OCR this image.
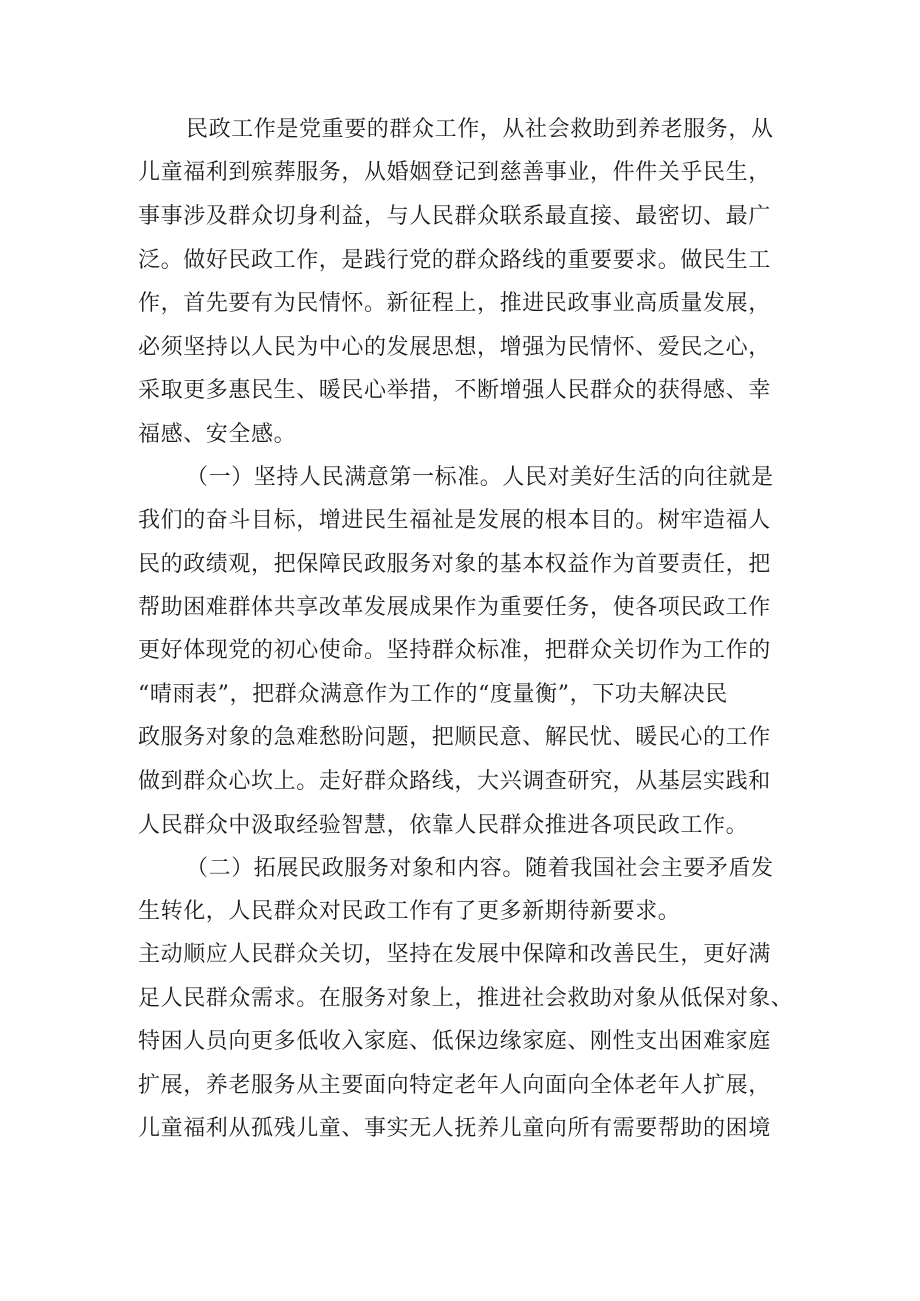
民政工作是党重要的群众工作，从社会救助到养老服务，从
儿童福利到殡葬服务，从婚姻登记到慈善事业，件件关乎民生，
事事涉及群众切身利益，与人民群众联系最直接、最密切、最广
泛。做好民政工作，是践行党的群众路线的重要要求。做民生工
作，首先要有为民情怀。新征程上，推进民政事业高质量发展，
必须坚持以人民为中心的发展思想，增强为民情怀、爱民之心，
采取更多惠民生、暖民心举措，不断增强人民群众的获得感、幸
福感、安全感。
（一）坚持人民满意第一标准。人民对美好生活的向往就是
我们的奋斗目标，增进民生福祉是发展的根本目的。树牢造福人
民的政绩观，把保障民政服务对象的基本权益作为首要责任，把
帮助困难群体共享改革发展成果作为重要任务，使各项民政工作
更好体现党的初心使命。坚持群众标准，把群众关切作为工作的
“晴雨表”，把群众满意作为工作的“度量衡”，下功夫解决民
政服务对象的急难愁盼问题，把顺民意、解民忧、暖民心的工作
做到群众心坎上。走好群众路线，大兴调查研究，从基层实践和
人民群众中汲取经验智慧，依靠人民群众推进各项民政工作。
（二）拓展民政服务对象和内容。随着我国社会主要矛盾发
生转化，人民群众对民政工作有了更多新期待新要求。
主动顺应人民群众关切，坚持在发展中保障和改善民生，更好满
足人民群众需求。在服务对象上，推进社会救助对象从低保对象、
特困人员向更多低收入家庭、低保边缘家庭、刚性支出困难家庭
扩展，养老服务从主要面向特定老年人向面向全体老年人扩展，
儿童福利从孤残儿童、事实无人抚养儿童向所有需要帮助的困境
